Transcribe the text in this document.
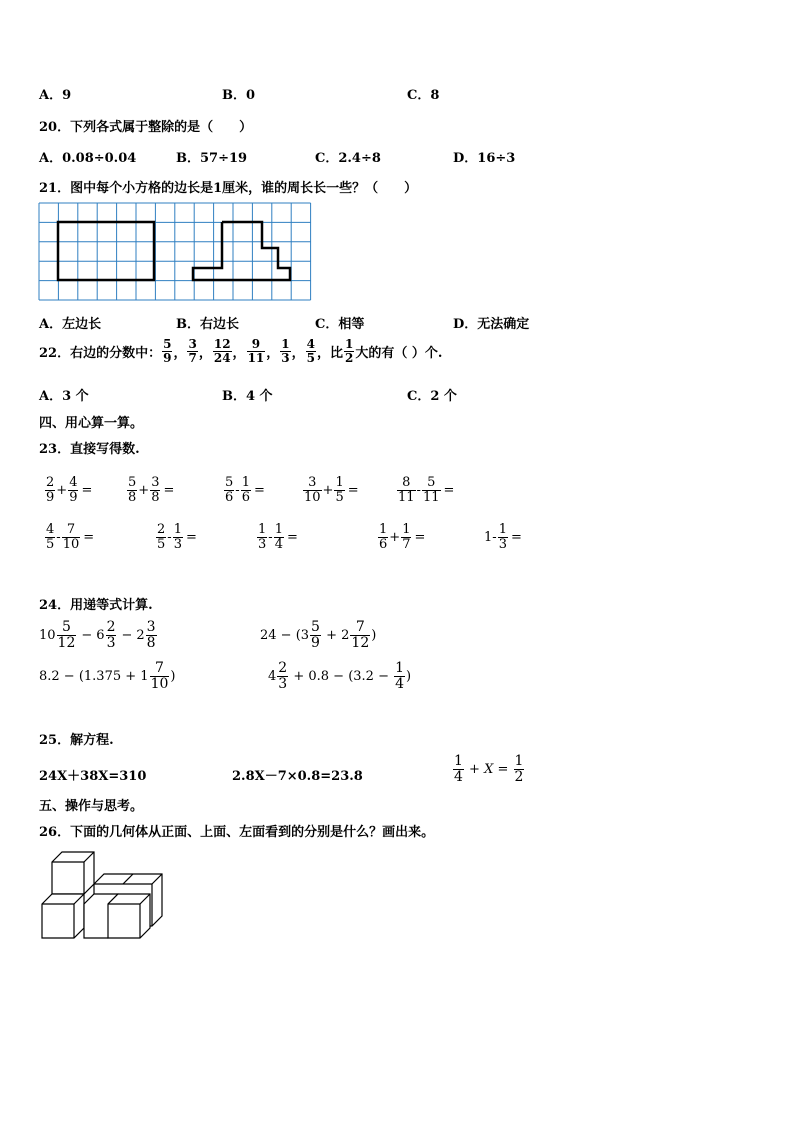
A．9	B．0	C．8
20．下列各式属于整除的是（　　）
A．0.08÷0.04	B．57÷19	C．2.4÷8	D．16÷3
21．图中每个小方格的边长是1厘米，谁的周长长一些？（　　）
A．左边长	B．右边长	C．相等	D．无法确定
22．右边的分数中： $\frac{5}{9}$ ， $\frac{3}{7}$ ， $\frac{12}{24}$ ， $\frac{9}{11}$ ， $\frac{1}{3}$ ， $\frac{4}{5}$ ，比 $\frac{1}{2}$ 大的有（ ）个.
A．3 个	B．4 个	C．2 个
四、用心算一算。
23．直接写得数.
$\frac{2}{9} + \frac{4}{9}$ =	$\frac{5}{8} + \frac{3}{8}$ =	$\frac{5}{6} - \frac{1}{6}$ =	$\frac{3}{10} + \frac{1}{5}$ =	$\frac{8}{11} - \frac{5}{11}$ =
$\frac{4}{5} - \frac{7}{10}$ =	$\frac{2}{5} - \frac{1}{3}$ =	$\frac{1}{3} - \frac{1}{4}$ =	$\frac{1}{6} + \frac{1}{7}$ =	$1 - \frac{1}{3}$ =
24．用递等式计算.
$10 \frac{5}{12} - 6 \frac{2}{3} - 2 \frac{3}{8}$	$24 - (3 \frac{5}{9} + 2 \frac{7}{12}$ )
$8.2 - (1.375 + 1 \frac{7}{10}$ )	$4 \frac{2}{3} + 0.8 - (3.2 - \frac{1}{4}$ )
25．解方程.
24X＋38X=310	2.8X－7×0.8=23.8	$\frac{1}{4} + X = \frac{1}{2}$
五、操作与思考。
26．下面的几何体从正面、上面、左面看到的分别是什么？画出来。
